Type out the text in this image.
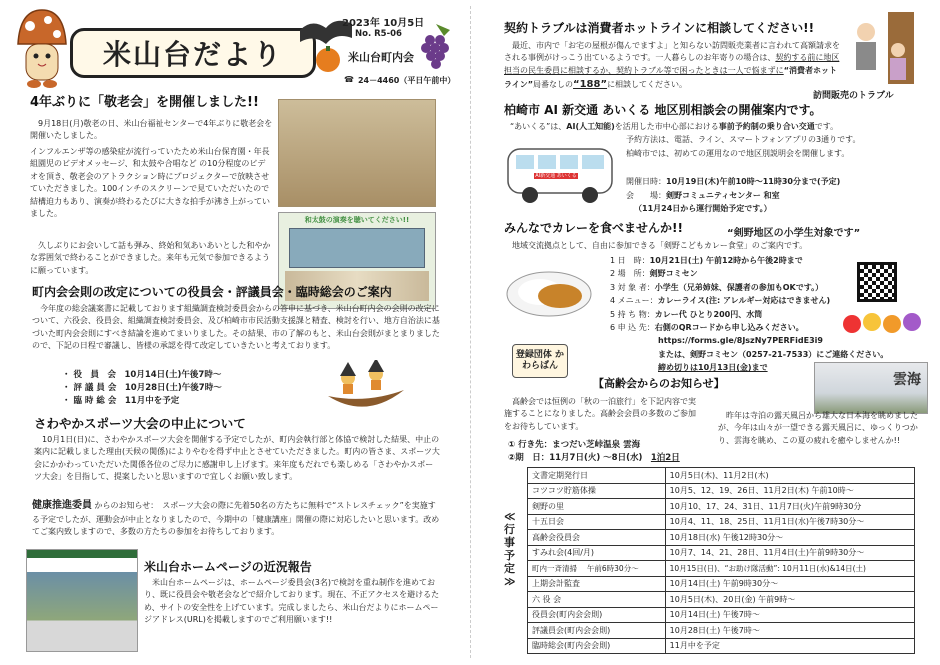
米山台だより
2023年 10月5日
No. R5-06
米山台町内会
☎ 24－4460（平日午前中）
4年ぶりに「敬老会」を開催しました!!

9月18日(月)敬老の日、米山台福祉センターで4年ぶりに敬老会を開催いたしました。

インフルエンザ等の感染症が流行っていたため米山台保育園・年長組園児のビデオメッセージ、和太鼓や合唱など の10分程度のビデオを頂き、敬老会のアトラクション時にプロジェクターで放映させていただきました。100インチのスクリーンで見ていただいたので結構迫力もあり、演奏が終わるたびに大きな拍手が沸き上がっていました。

和太鼓の演奏を聴いてください!!

久しぶりにお会いして話も弾み、終始和気あいあいとした和やかな雰囲気で終わることができました。来年も元気で参加できるように願っています。

町内会会則の改定についての役員会・評議員会・臨時総会のご案内

今年度の総会議案書に記載しております組織調査検討委員会からの答申に基づき、米山台町内会の会則の改定について、六役会、役員会、組織調査検討委員会、及び柏崎市市民活動支援課と精査、検討を行い、地方自治法に基づいた町内会会則にすべき結論を進めてまいりました。その結果、市の了解のもと、米山台会則がまとまりましたので、下記の日程で審議し、皆様の承認を得て改定していきたいと考えております。

・ 役　員　会　 10月14日(土)午後7時～
・ 評 議 員 会　 10月28日(土)午後7時～
・ 臨 時 総 会　 11月中を予定
さわやかスポーツ大会の中止について

10月1日(日)に、さわやかスポーツ大会を開催する予定でしたが、町内会執行部と体協で検討した結果、中止の案内に記載しました理由(天候の関係)によりやむを得ず中止とさせていただきました。町内の皆さま、スポーツ大会にかかわっていただいた関係各位のご尽力に感謝申し上げます。来年度もだれでも楽しめる「さわやかスポーツ大会」を目指して、提案したいと思いますので宜しくお願い致します。

健康推進委員 からのお知らせ：　スポーツ大会の際に先着50名の方たちに無料で“ストレスチェック”を実施する予定でしたが、運動会が中止となりましたので、今期中の「健康講座」開催の際に対応したいと思います。改めてご案内致しますので、多数の方たちの参加をお待ちしております。

米山台ホームページの近況報告

米山台ホームページは、ホームページ委員会(3名)で検討を重ね制作を進めており、既に役員会や敬老会などで紹介しております。現在、不正アクセスを避けるため、サイトの安全性を上げています。完成しましたら、米山台だよりにホームページアドレス(URL)を掲載しますのでご利用願います!!

契約トラブルは消費者ホットラインに相談してください!!

最近、市内で「お宅の屋根が傷んでますよ」と知らない訪問販売業者に言われて高額請求をされる事例がけっこう出ているようです。一人暮らしのお年寄りの場合は、契約する前に地区担当の民生委員に相談するか、契約トラブル等で困ったときは一人で悩まずに“消費者ホットライン”局番なしの“188”に相談してください。

訪問販売のトラブル
柏崎市 AI 新交通 あいくる 地区別相談会の開催案内です。

“あいくる”は、AI(人工知能)を活用した市中心部における事前予約制の乗り合い交通です。

予約方法は、電話、ライン、スマートフォンアプリの3通りです。

柏崎市では、初めての運用なので地区別説明会を開催します。

AI新交通 あいくる
開催日時：10月19日(木)午前10時～11時30分まで(予定)
会　　場：剣野コミュニティセンター 和室
（11月24日から運行開始予定です。）
みんなでカレーを食べませんか!!	“剣野地区の小学生対象です”

地域交流拠点として、自由に参加できる「剣野こどもカレー食堂」のご案内です。

1 日　時：10月21日(土) 午前12時から午後2時まで
2 場　所：剣野コミセン
3 対 象 者：小学生（兄弟姉妹、保護者の参加もOKです。）
4 メニュー：カレーライス(注: アレルギー対応はできません)
5 持 ち 物：カレー代 ひとり200円、水筒
6 申 込 先：右側のQRコードから申し込みください。
https://forms.gle/8JszNy7PERFidE3i9
または、剣野コミセン（0257-21-7533）にご連絡ください。
締め切りは10月13日(金)まで
登録団体 かわらばん
【高齢会からのお知らせ】

高齢会では恒例の「秋の一泊旅行」を下記内容で実施することになりました。高齢会会員の多数のご参加をお待ちしています。

雲海

昨年は寺泊の露天風呂から雄大な日本海を眺めましたが、今年は山々が一望できる露天風呂に、ゆっくりつかり、雲海を眺め、この夏の疲れを癒やしませんか!!

① 行き先：まつだい芝峠温泉 雲海
②期　日：11月7日(火) ～8日(水)　 1泊2日
≪行事予定≫
文書定期発行日	10月5日(木)、11月2日(木)
コツコツ貯筋体操	10月5、12、19、26日、11月2日(木) 午前10時～
剣野の里	10月10、17、24、31日、11月7日(火)午前9時30分
十五日会	10月4、11、18、25日、11月1日(水)午後7時30分～
高齢会役員会	10月18日(水) 午後12時30分～
すみれ会(4回/月)	10月7、14、21、28日、11月4日(土)午前9時30分～
町内一斉清掃　 午前6時30分～	10月15日(日)、“お助け隊活動”: 10月11日(水)&14日(土)
上期会計監査	10月14日(土) 午前9時30分～
六 役 会	10月5日(木)、20日(金) 午前9時～
役員会(町内会会則)	10月14日(土) 午後7時～
評議員会(町内会会則)	10月28日(土) 午後7時～
臨時総会(町内会会則)	11月中を予定
